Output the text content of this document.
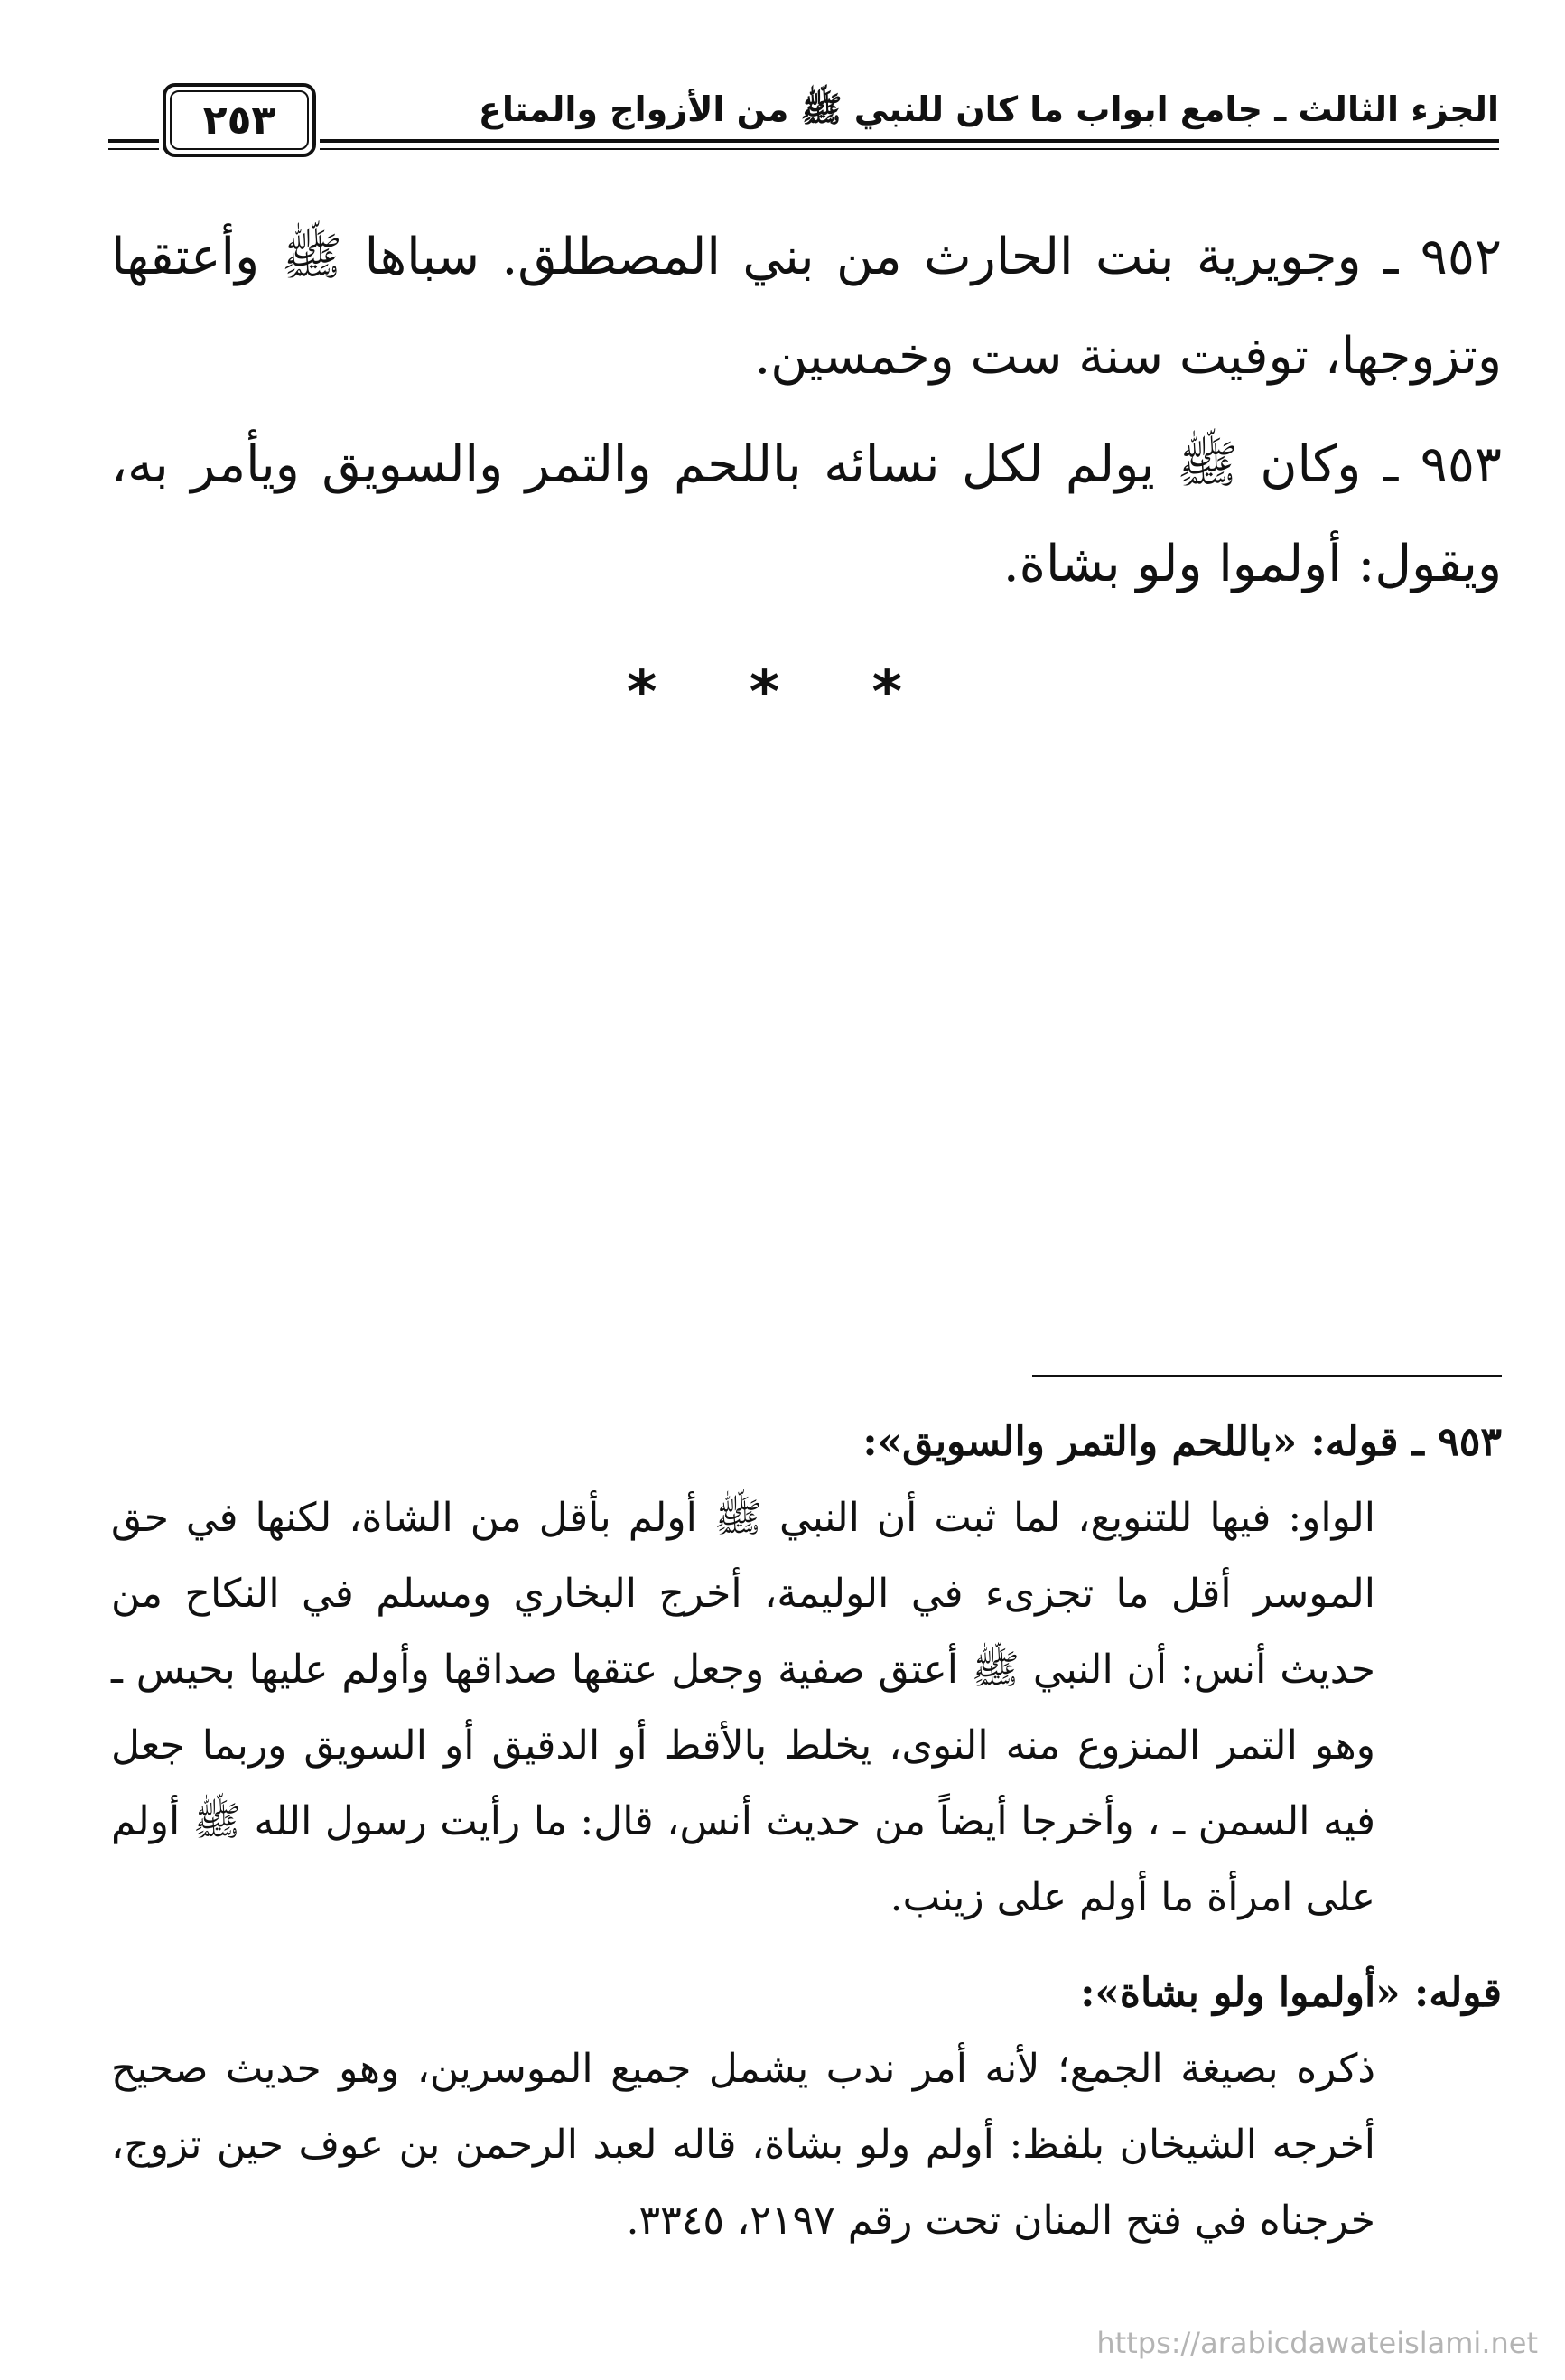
الجزء الثالث ـ جامع ابواب ما كان للنبي ﷺ من الأزواج والمتاع
٢٥٣

٩٥٢ ـ وجويرية بنت الحارث من بني المصطلق. سباها ﷺ وأعتقها وتزوجها، توفيت سنة ست وخمسين.

٩٥٣ ـ وكان ﷺ يولم لكل نسائه باللحم والتمر والسويق ويأمر به، ويقول: أولموا ولو بشاة.

* * *

٩٥٣ ـ قوله: «باللحم والتمر والسويق»:

الواو: فيها للتنويع، لما ثبت أن النبي ﷺ أولم بأقل من الشاة، لكنها في حق الموسر أقل ما تجزىء في الوليمة، أخرج البخاري ومسلم في النكاح من حديث أنس: أن النبي ﷺ أعتق صفية وجعل عتقها صداقها وأولم عليها بحيس ـ وهو التمر المنزوع منه النوى، يخلط بالأقط أو الدقيق أو السويق وربما جعل فيه السمن ـ ، وأخرجا أيضاً من حديث أنس، قال: ما رأيت رسول الله ﷺ أولم على امرأة ما أولم على زينب.

قوله: «أولموا ولو بشاة»:

ذكره بصيغة الجمع؛ لأنه أمر ندب يشمل جميع الموسرين، وهو حديث صحيح أخرجه الشيخان بلفظ: أولم ولو بشاة، قاله لعبد الرحمن بن عوف حين تزوج، خرجناه في فتح المنان تحت رقم ٢١٩٧، ٣٣٤٥.

https://arabicdawateislami.net
